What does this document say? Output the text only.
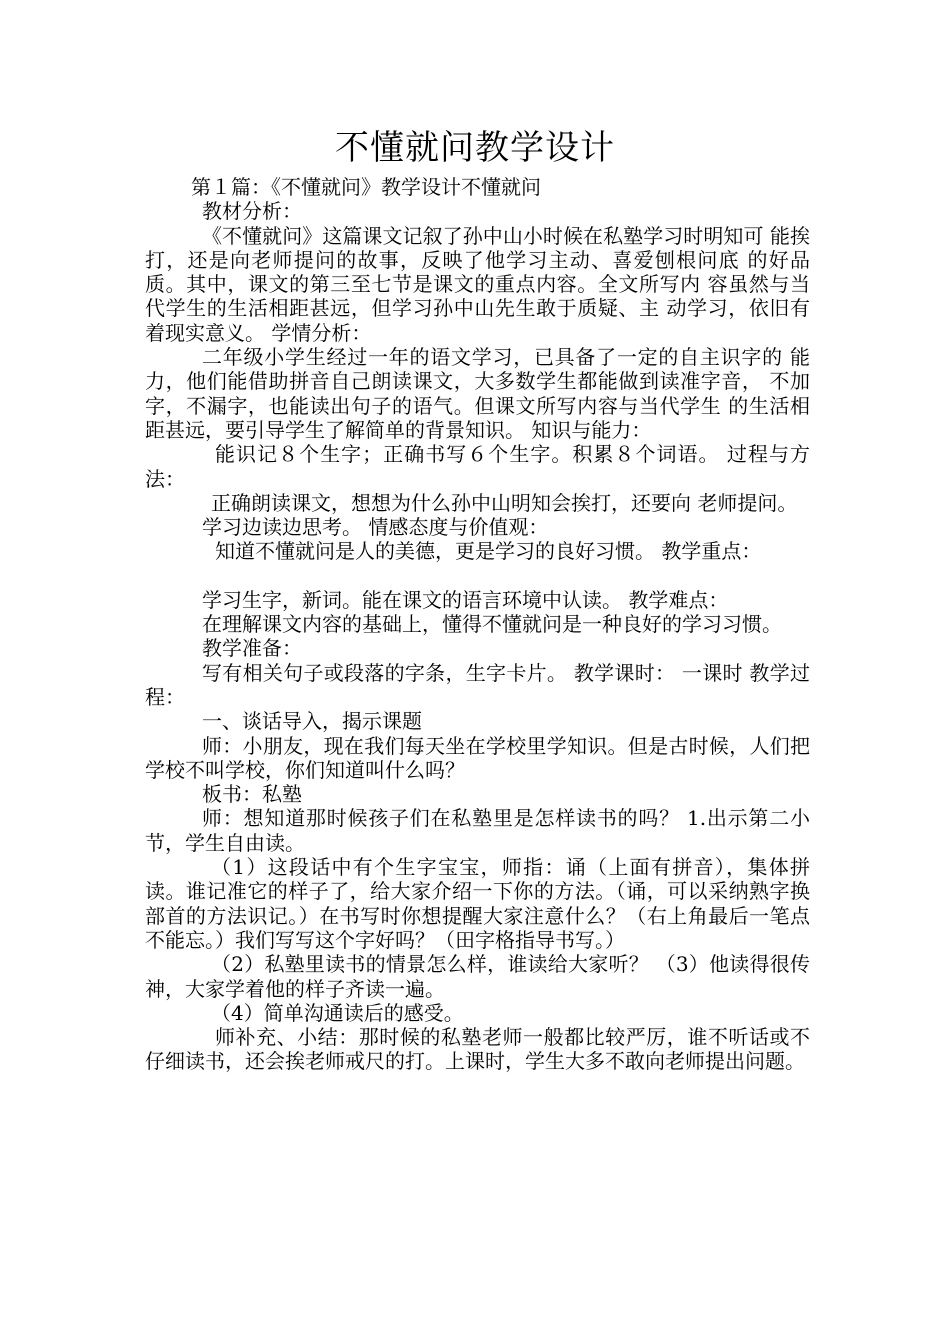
不懂就问教学设计

第１篇：《不懂就问》教学设计不懂就问

教材分析：

《不懂就问》这篇课文记叙了孙中山小时候在私塾学习时明知可 能挨打，还是向老师提问的故事，反映了他学习主动、喜爱刨根问底 的好品质。其中，课文的第三至七节是课文的重点内容。全文所写内 容虽然与当代学生的生活相距甚远，但学习孙中山先生敢于质疑、主 动学习，依旧有着现实意义。 学情分析：

二年级小学生经过一年的语文学习，已具备了一定的自主识字的 能力，他们能借助拼音自己朗读课文，大多数学生都能做到读准字音， 不加字，不漏字，也能读出句子的语气。但课文所写内容与当代学生 的生活相距甚远，要引导学生了解简单的背景知识。 知识与能力：

能识记８个生字；正确书写６个生字。积累８个词语。 过程与方法：

正确朗读课文，想想为什么孙中山明知会挨打，还要向 老师提问。

学习边读边思考。 情感态度与价值观：

知道不懂就问是人的美德，更是学习的良好习惯。 教学重点：

学习生字，新词。能在课文的语言环境中认读。 教学难点：

在理解课文内容的基础上，懂得不懂就问是一种良好的学习习惯。

教学准备：

写有相关句子或段落的字条，生字卡片。 教学课时： 一课时 教学过程：

一、谈话导入，揭示课题

师：小朋友，现在我们每天坐在学校里学知识。但是古时候，人们把学校不叫学校，你们知道叫什么吗？

板书：私塾

师：想知道那时候孩子们在私塾里是怎样读书的吗？ 1.出示第二小节，学生自由读。

（1）这段话中有个生字宝宝，师指：诵（上面有拼音），集体拼读。谁记准它的样子了，给大家介绍一下你的方法。（诵，可以采纳熟字换部首的方法识记。）在书写时你想提醒大家注意什么？（右上角最后一笔点不能忘。）我们写写这个字好吗？（田字格指导书写。）

（2）私塾里读书的情景怎么样，谁读给大家听？ （3）他读得很传神，大家学着他的样子齐读一遍。

（4）简单沟通读后的感受。

师补充、小结：那时候的私塾老师一般都比较严厉，谁不听话或不仔细读书，还会挨老师戒尺的打。上课时，学生大多不敢向老师提出问题。
